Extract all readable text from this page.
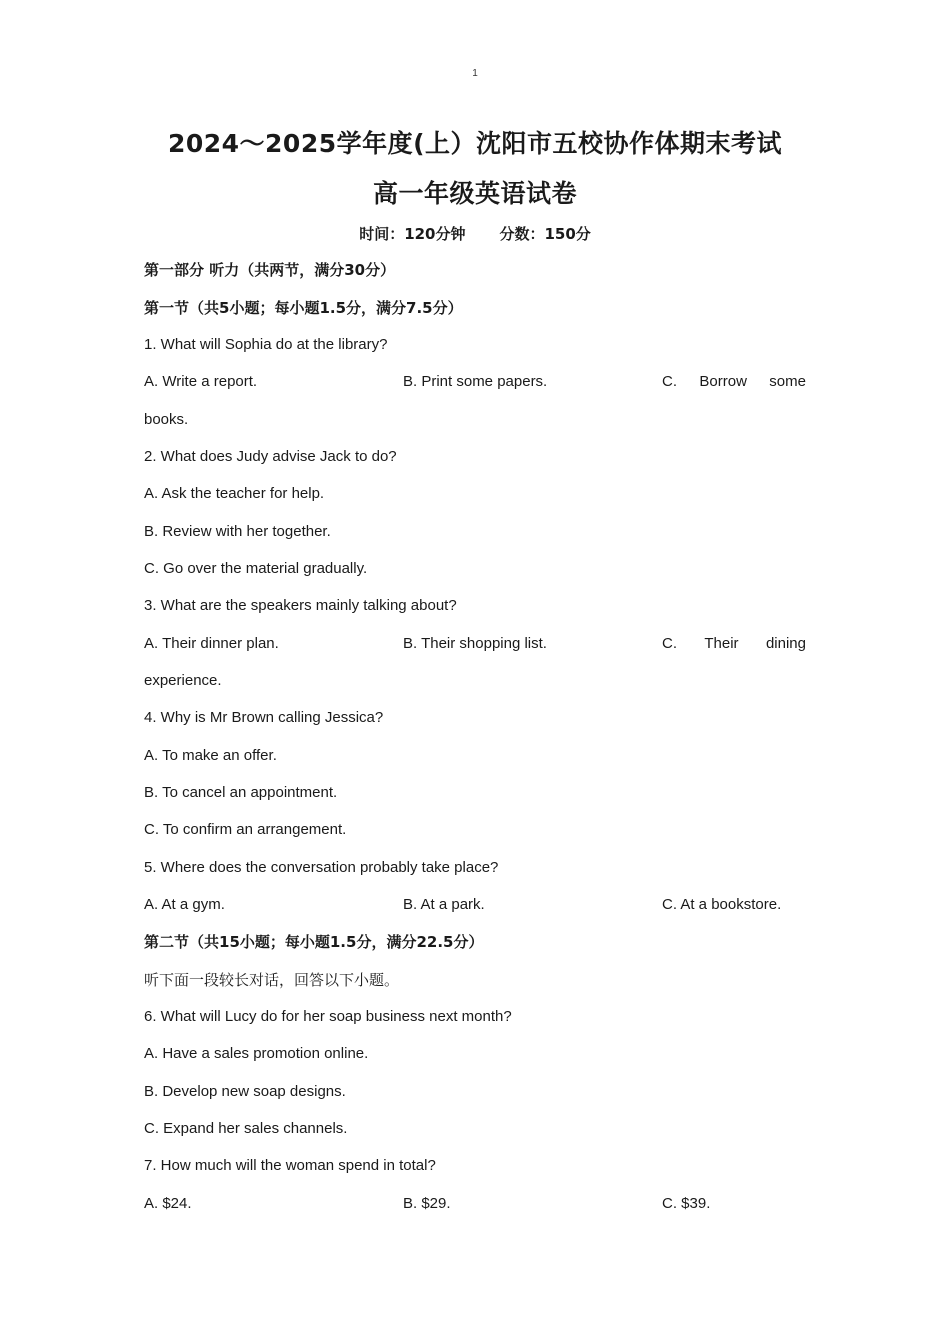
1
2024～2025学年度(上）沈阳市五校协作体期末考试
高一年级英语试卷
时间：120分钟 分数：150分
第一部分 听力（共两节，满分30分）
第一节（共5小题；每小题1.5分，满分7.5分）
1. What will Sophia do at the library?
A. Write a report.	B. Print some papers.	C. Borrow some
books.
2. What does Judy advise Jack to do?
A. Ask the teacher for help.
B. Review with her together.
C. Go over the material gradually.
3. What are the speakers mainly talking about?
A. Their dinner plan.	B. Their shopping list.	C. Their dining
experience.
4. Why is Mr Brown calling Jessica?
A. To make an offer.
B. To cancel an appointment.
C. To confirm an arrangement.
5. Where does the conversation probably take place?
A. At a gym.	B. At a park.	C. At a bookstore.
第二节（共15小题；每小题1.5分，满分22.5分）
听下面一段较长对话，回答以下小题。
6. What will Lucy do for her soap business next month?
A. Have a sales promotion online.
B. Develop new soap designs.
C. Expand her sales channels.
7. How much will the woman spend in total?
A. $24.	B. $29.	C. $39.
